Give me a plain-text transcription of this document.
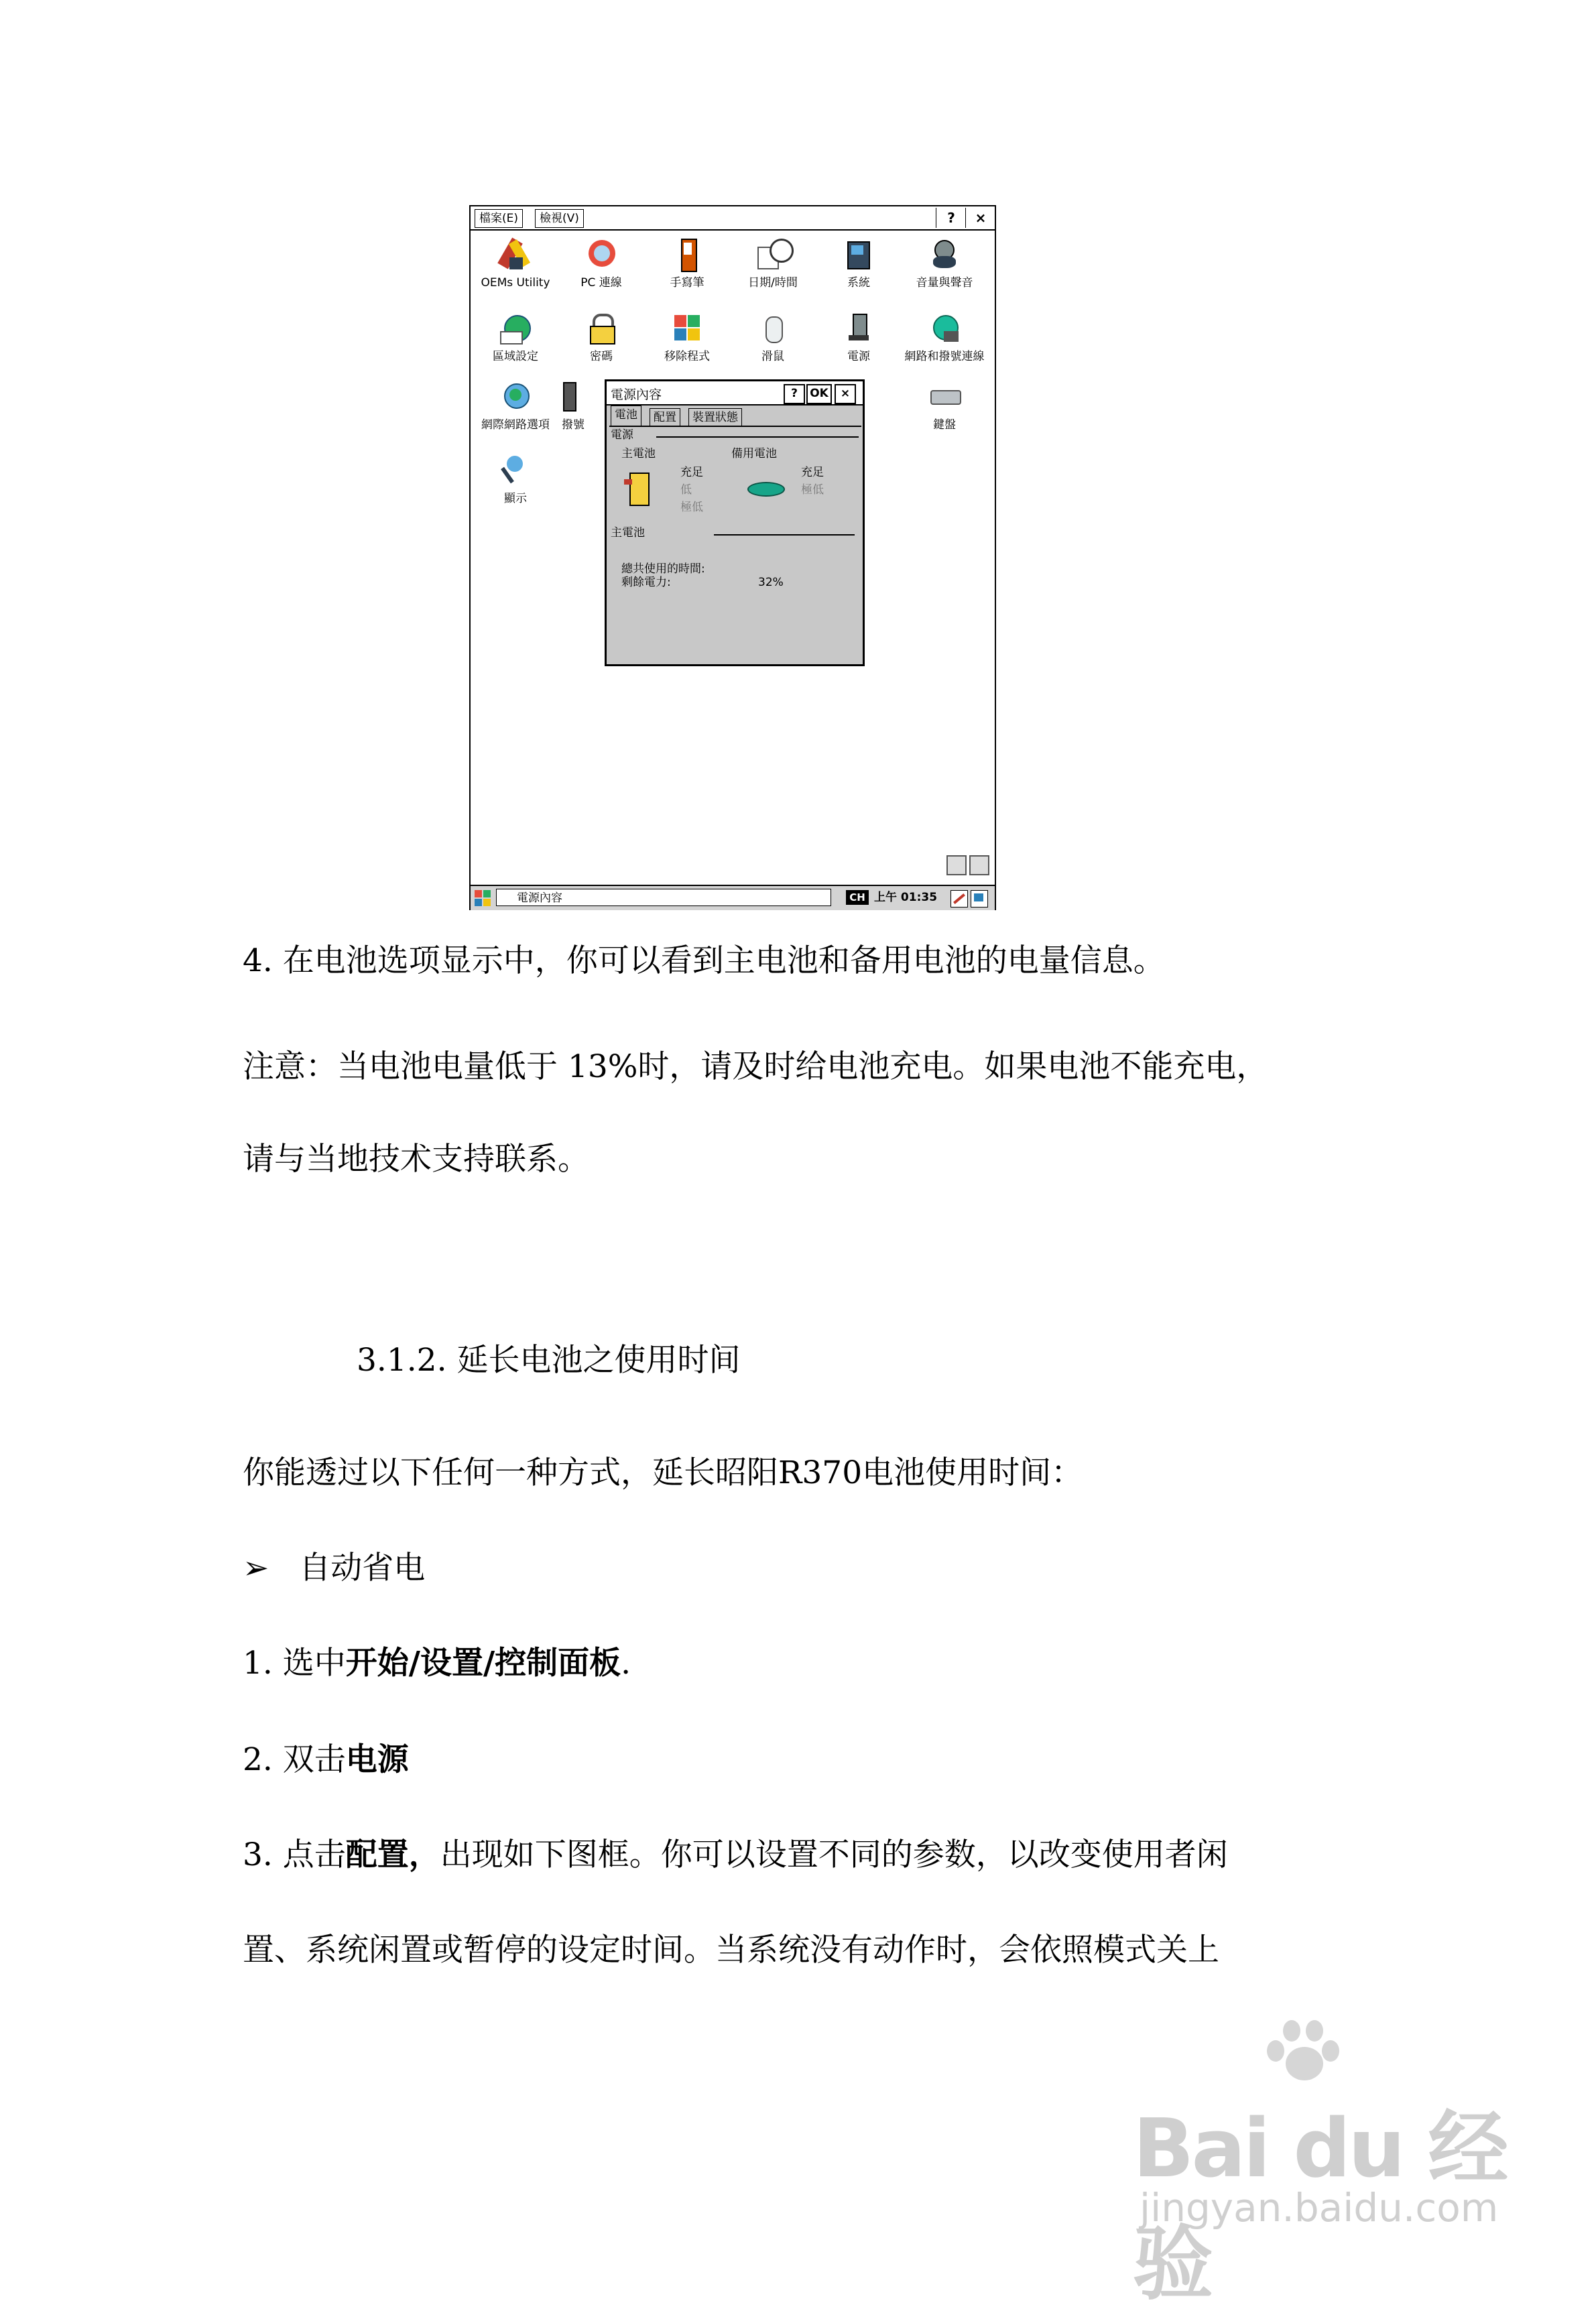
檔案(E)	檢視(V)	?	×
OEMs Utility	PC 連線	手寫筆	日期/時間	系統	音量與聲音
區域設定	密碼	移除程式	滑鼠	電源	網路和撥號連線
網際網路選項	撥號	鍵盤
顯示
電源內容	?	OK	×
電池	配置	裝置狀態
電源
主電池	備用電池
充足
低
極低
充足
極低
主電池
總共使用的時間:
剩餘電力:	32%
電源內容	CH 上午 01:35
4. 在电池选项显示中，你可以看到主电池和备用电池的电量信息。
注意：当电池电量低于 13%时，请及时给电池充电。如果电池不能充电，
请与当地技术支持联系。
3.1.2. 延长电池之使用时间
你能透过以下任何一种方式，延长昭阳R370电池使用时间：
➢ 自动省电
1. 选中开始/设置/控制面板.
2. 双击电源
3. 点击配置，出现如下图框。你可以设置不同的参数，以改变使用者闲
置、系统闲置或暂停的设定时间。当系统没有动作时，会依照模式关上
Bai du 经验
jingyan.baidu.com
